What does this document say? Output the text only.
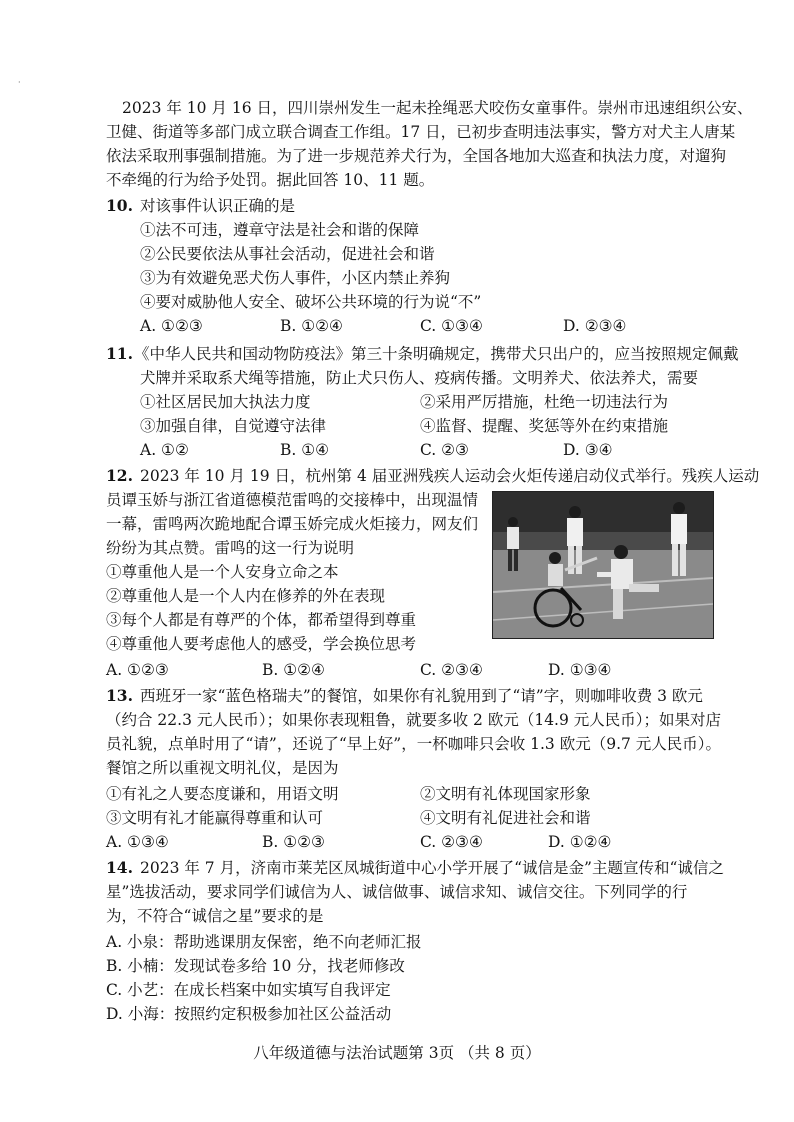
·
2023 年 10 月 16 日，四川崇州发生一起未拴绳恶犬咬伤女童事件。崇州市迅速组织公安、
卫健、街道等多部门成立联合调查工作组。17 日，已初步查明违法事实，警方对犬主人唐某
依法采取刑事强制措施。为了进一步规范养犬行为，全国各地加大巡查和执法力度，对遛狗
不牵绳的行为给予处罚。据此回答 10、11 题。
10. 对该事件认识正确的是
①法不可违，遵章守法是社会和谐的保障
②公民要依法从事社会活动，促进社会和谐
③为有效避免恶犬伤人事件，小区内禁止养狗
④要对威胁他人安全、破坏公共环境的行为说“不”
A. ①②③	B. ①②④	C. ①③④	D. ②③④
11. 《中华人民共和国动物防疫法》第三十条明确规定，携带犬只出户的，应当按照规定佩戴
犬牌并采取系犬绳等措施，防止犬只伤人、疫病传播。文明养犬、依法养犬，需要
①社区居民加大执法力度	②采用严厉措施，杜绝一切违法行为
③加强自律，自觉遵守法律	④监督、提醒、奖惩等外在约束措施
A. ①②	B. ①④	C. ②③	D. ③④
12. 2023 年 10 月 19 日，杭州第 4 届亚洲残疾人运动会火炬传递启动仪式举行。残疾人运动
员谭玉娇与浙江省道德模范雷鸣的交接棒中，出现温情
一幕，雷鸣两次跪地配合谭玉娇完成火炬接力，网友们
纷纷为其点赞。雷鸣的这一行为说明
①尊重他人是一个人安身立命之本
②尊重他人是一个人内在修养的外在表现
③每个人都是有尊严的个体，都希望得到尊重
④尊重他人要考虑他人的感受，学会换位思考
A. ①②③	B. ①②④	C. ②③④	D. ①③④
13. 西班牙一家“蓝色格瑞夫”的餐馆，如果你有礼貌用到了“请”字，则咖啡收费 3 欧元
（约合 22.3 元人民币）；如果你表现粗鲁，就要多收 2 欧元（14.9 元人民币）；如果对店
员礼貌，点单时用了“请”，还说了“早上好”，一杯咖啡只会收 1.3 欧元（9.7 元人民币）。
餐馆之所以重视文明礼仪，是因为
①有礼之人要态度谦和，用语文明	②文明有礼体现国家形象
③文明有礼才能赢得尊重和认可	④文明有礼促进社会和谐
A. ①③④	B. ①②③	C. ②③④	D. ①②④
14. 2023 年 7 月，济南市莱芜区凤城街道中心小学开展了“诚信是金”主题宣传和“诚信之
星”选拔活动，要求同学们诚信为人、诚信做事、诚信求知、诚信交往。下列同学的行
为，不符合“诚信之星”要求的是
A. 小泉：帮助逃课朋友保密，绝不向老师汇报
B. 小楠：发现试卷多给 10 分，找老师修改
C. 小艺：在成长档案中如实填写自我评定
D. 小海：按照约定积极参加社区公益活动
八年级道德与法治试题第 3页 （共 8 页）
